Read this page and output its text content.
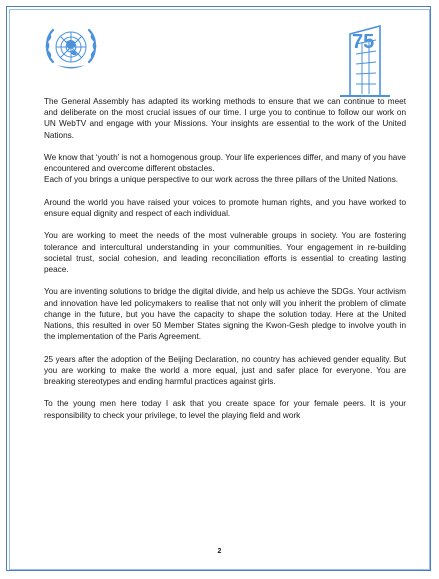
75

The General Assembly has adapted its working methods to ensure that we can continue to meet and deliberate on the most crucial issues of our time. I urge you to continue to follow our work on UN WebTV and engage with your Missions. Your insights are essential to the work of the United Nations.

We know that ‘youth’ is not a homogenous group. Your life experiences differ, and many of you have encountered and overcome different obstacles.

Each of you brings a unique perspective to our work across the three pillars of the United Nations.

Around the world you have raised your voices to promote human rights, and you have worked to ensure equal dignity and respect of each individual.

You are working to meet the needs of the most vulnerable groups in society. You are fostering tolerance and intercultural understanding in your communities. Your engagement in re-building societal trust, social cohesion, and leading reconciliation efforts is essential to creating lasting peace.

You are inventing solutions to bridge the digital divide, and help us achieve the SDGs. Your activism and innovation have led policymakers to realise that not only will you inherit the problem of climate change in the future, but you have the capacity to shape the solution today. Here at the United Nations, this resulted in over 50 Member States signing the Kwon-Gesh pledge to involve youth in the implementation of the Paris Agreement.

25 years after the adoption of the Beijing Declaration, no country has achieved gender equality. But you are working to make the world a more equal, just and safer place for everyone. You are breaking stereotypes and ending harmful practices against girls.

To the young men here today I ask that you create space for your female peers. It is your responsibility to check your privilege, to level the playing field and work

2
